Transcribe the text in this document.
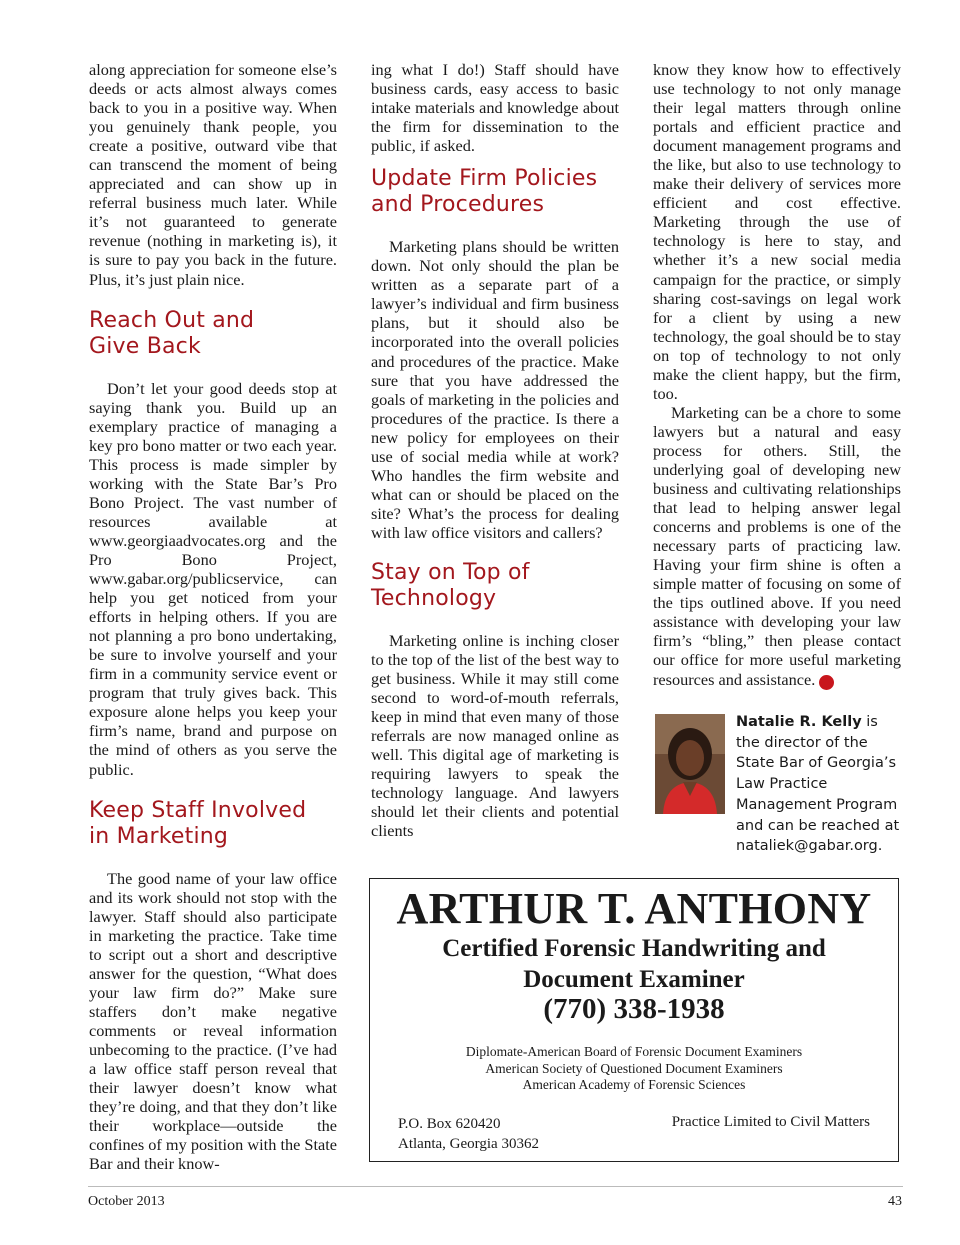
along appreciation for someone else’s deeds or acts almost always comes back to you in a positive way. When you genuinely thank people, you create a positive, outward vibe that can transcend the moment of being appreciated and can show up in referral business much later. While it’s not guaranteed to generate revenue (nothing in marketing is), it is sure to pay you back in the future. Plus, it’s just plain nice.

Reach Out and Give Back

Don’t let your good deeds stop at saying thank you. Build up an exemplary practice of managing a key pro bono matter or two each year. This process is made simpler by working with the State Bar’s Pro Bono Project. The vast number of resources available at www.georgiaadvocates.org and the Pro Bono Project, www.gabar.org/publicservice, can help you get noticed from your efforts in helping others. If you are not planning a pro bono undertaking, be sure to involve yourself and your firm in a community service event or program that truly gives back. This exposure alone helps you keep your firm’s name, brand and purpose on the mind of others as you serve the public.

Keep Staff Involved in Marketing

The good name of your law office and its work should not stop with the lawyer. Staff should also participate in marketing the practice. Take time to script out a short and descriptive answer for the question, “What does your law firm do?” Make sure staffers don’t make negative comments or reveal information unbecoming to the practice. (I’ve had a law office staff person reveal that their lawyer doesn’t know what they’re doing, and that they don’t like their workplace—outside the confines of my position with the State Bar and their know-

ing what I do!) Staff should have business cards, easy access to basic intake materials and knowledge about the firm for dissemination to the public, if asked.

Update Firm Policies and Procedures

Marketing plans should be written down. Not only should the plan be written as a separate part of a lawyer’s individual and firm business plans, but it should also be incorporated into the overall policies and procedures of the practice. Make sure that you have addressed the goals of marketing in the policies and procedures of the practice. Is there a new policy for employees on their use of social media while at work? Who handles the firm website and what can or should be placed on the site? What’s the process for dealing with law office visitors and callers?

Stay on Top of Technology

Marketing online is inching closer to the top of the list of the best way to get business. While it may still come second to word-of-mouth referrals, keep in mind that even many of those referrals are now managed online as well. This digital age of marketing is requiring lawyers to speak the technology language. And lawyers should let their clients and potential clients

know they know how to effectively use technology to not only manage their legal matters through online portals and efficient practice and document management programs and the like, but also to use technology to make their delivery of services more efficient and cost effective. Marketing through the use of technology is here to stay, and whether it’s a new social media campaign for the practice, or simply sharing cost-savings on legal work for a client by using a new technology, the goal should be to stay on top of technology to not only make the client happy, but the firm, too.

Marketing can be a chore to some lawyers but a natural and easy process for others. Still, the underlying goal of developing new business and cultivating relationships that lead to helping answer legal concerns and problems is one of the necessary parts of practicing law. Having your firm shine is often a simple matter of focusing on some of the tips outlined above. If you need assistance with developing your law firm’s “bling,” then please contact our office for more useful marketing resources and assistance.	GBJ

Natalie R. Kelly is the director of the State Bar of Georgia’s Law Practice Management Program and can be reached at nataliek@gabar.org.
ARTHUR T. ANTHONY
Certified Forensic Handwriting and
Document Examiner
(770) 338-1938
Diplomate-American Board of Forensic Document Examiners
American Society of Questioned Document Examiners
American Academy of Forensic Sciences
P.O. Box 620420
Atlanta, Georgia 30362
Practice Limited to Civil Matters
October 2013	43
